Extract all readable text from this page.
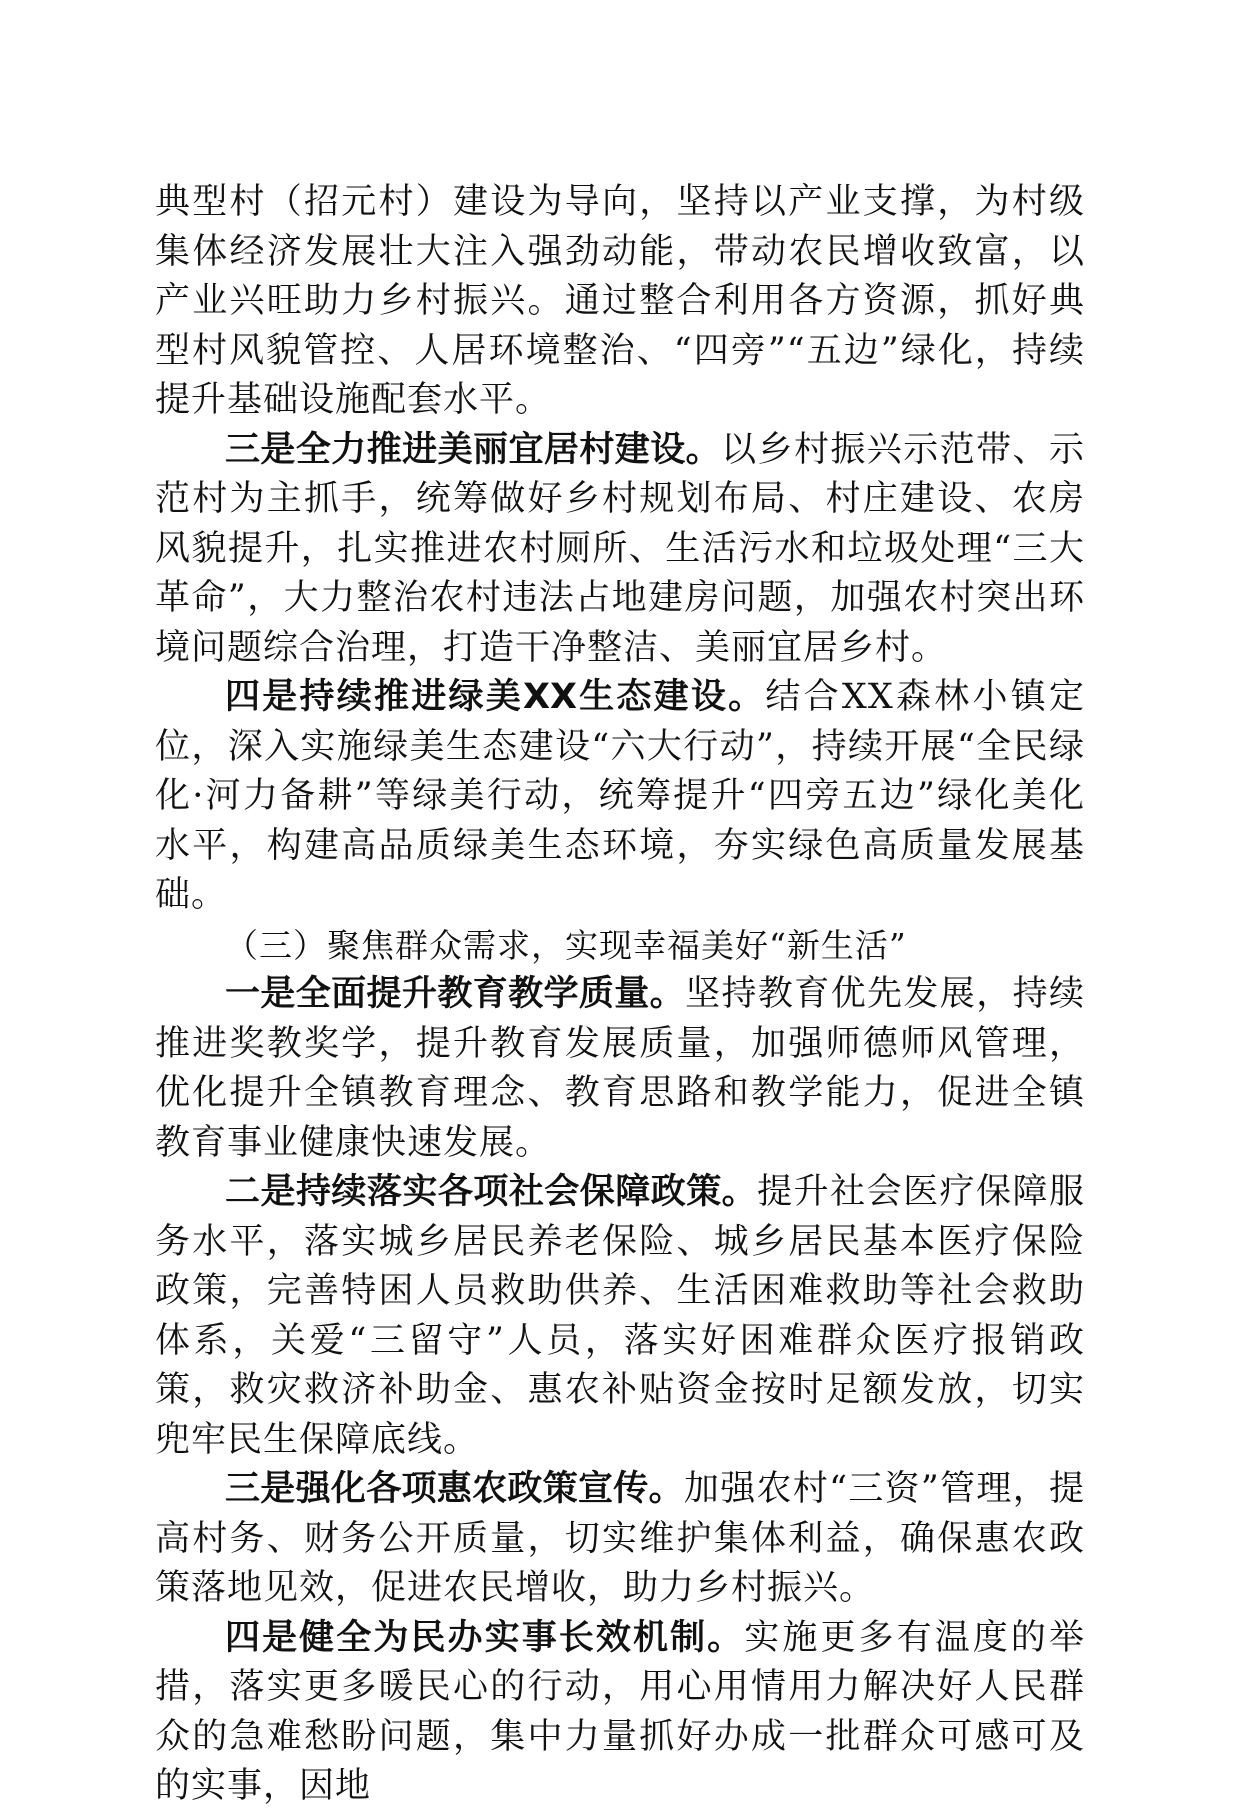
典型村（招元村）建设为导向，坚持以产业支撑，为村级集体经济发展壮大注入强劲动能，带动农民增收致富，以产业兴旺助力乡村振兴。通过整合利用各方资源，抓好典型村风貌管控、人居环境整治、“四旁”“五边”绿化，持续提升基础设施配套水平。

三是全力推进美丽宜居村建设。以乡村振兴示范带、示范村为主抓手，统筹做好乡村规划布局、村庄建设、农房风貌提升，扎实推进农村厕所、生活污水和垃圾处理“三大革命”，大力整治农村违法占地建房问题，加强农村突出环境问题综合治理，打造干净整洁、美丽宜居乡村。

四是持续推进绿美XX生态建设。结合XX森林小镇定位，深入实施绿美生态建设“六大行动”，持续开展“全民绿化·河力备耕”等绿美行动，统筹提升“四旁五边”绿化美化水平，构建高品质绿美生态环境，夯实绿色高质量发展基础。

（三）聚焦群众需求，实现幸福美好“新生活”

一是全面提升教育教学质量。坚持教育优先发展，持续推进奖教奖学，提升教育发展质量，加强师德师风管理，优化提升全镇教育理念、教育思路和教学能力，促进全镇教育事业健康快速发展。

二是持续落实各项社会保障政策。提升社会医疗保障服务水平，落实城乡居民养老保险、城乡居民基本医疗保险政策，完善特困人员救助供养、生活困难救助等社会救助体系，关爱“三留守”人员，落实好困难群众医疗报销政策，救灾救济补助金、惠农补贴资金按时足额发放，切实兜牢民生保障底线。

三是强化各项惠农政策宣传。加强农村“三资”管理，提高村务、财务公开质量，切实维护集体利益，确保惠农政策落地见效，促进农民增收，助力乡村振兴。

四是健全为民办实事长效机制。实施更多有温度的举措，落实更多暖民心的行动，用心用情用力解决好人民群众的急难愁盼问题，集中力量抓好办成一批群众可感可及的实事，因地
